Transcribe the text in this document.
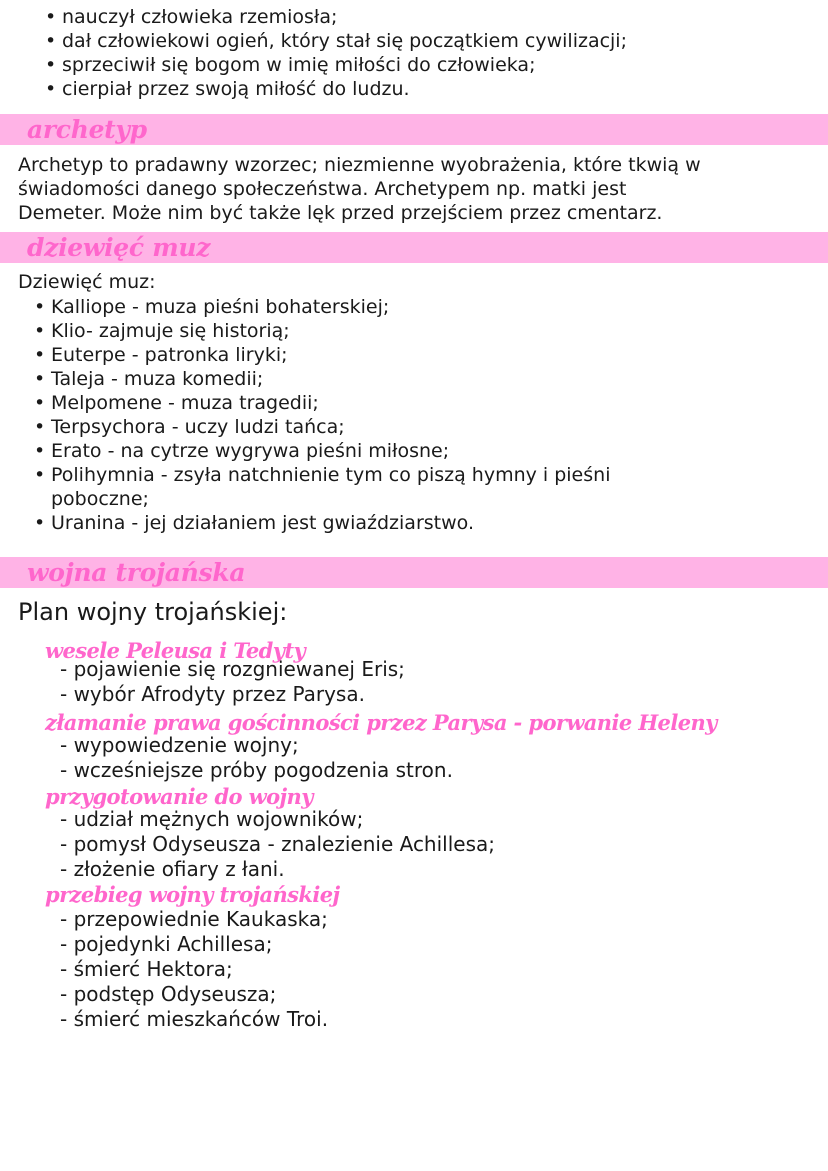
• nauczył człowieka rzemiosła;
• dał człowiekowi ogień, który stał się początkiem cywilizacji;
• sprzeciwił się bogom w imię miłości do człowieka;
• cierpiał przez swoją miłość do ludzu.
archetyp
Archetyp to pradawny wzorzec; niezmienne wyobrażenia, które tkwią w
świadomości danego społeczeństwa. Archetypem np. matki jest
Demeter. Może nim być także lęk przed przejściem przez cmentarz.
dziewięć muz
Dziewięć muz:
• Kalliope - muza pieśni bohaterskiej;
• Klio- zajmuje się historią;
• Euterpe - patronka liryki;
• Taleja - muza komedii;
• Melpomene - muza tragedii;
• Terpsychora - uczy ludzi tańca;
• Erato - na cytrze wygrywa pieśni miłosne;
• Polihymnia - zsyła natchnienie tym co piszą hymny i pieśni
poboczne;
• Uranina - jej działaniem jest gwiaździarstwo.
wojna trojańska
Plan wojny trojańskiej:
wesele Peleusa i Tedyty
- pojawienie się rozgniewanej Eris;
- wybór Afrodyty przez Parysa.
złamanie prawa gościnności przez Parysa - porwanie Heleny
- wypowiedzenie wojny;
- wcześniejsze próby pogodzenia stron.
przygotowanie do wojny
- udział mężnych wojowników;
- pomysł Odyseusza - znalezienie Achillesa;
- złożenie ofiary z łani.
przebieg wojny trojańskiej
- przepowiednie Kaukaska;
- pojedynki Achillesa;
- śmierć Hektora;
- podstęp Odyseusza;
- śmierć mieszkańców Troi.
